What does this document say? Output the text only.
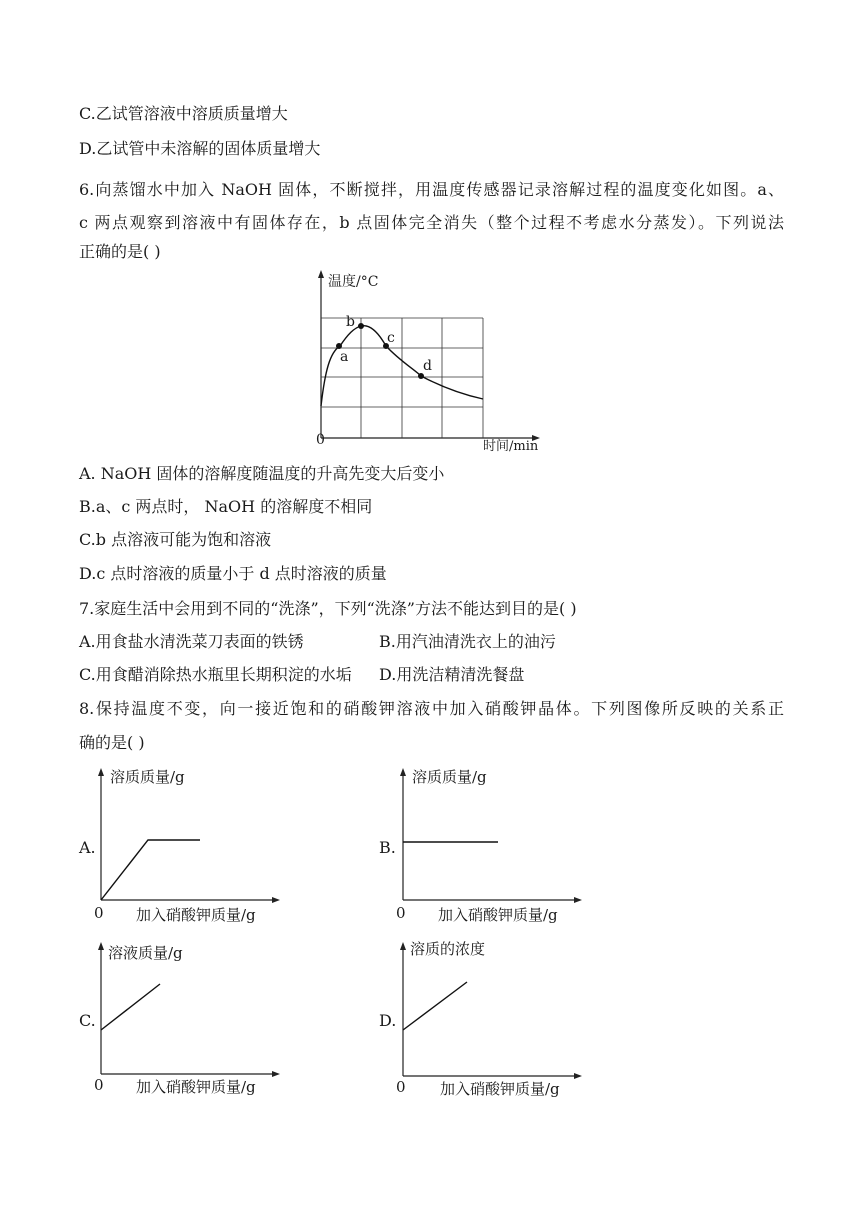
C.乙试管溶液中溶质质量增大
D.乙试管中未溶解的固体质量增大
6.向蒸馏水中加入 NaOH 固体，不断搅拌，用温度传感器记录溶解过程的温度变化如图。a、
c 两点观察到溶液中有固体存在，b 点固体完全消失（整个过程不考虑水分蒸发）。下列说法
正确的是( )
a
b
c
d
温度/°C
时间/min
0
A. NaOH 固体的溶解度随温度的升高先变大后变小
B.a、c 两点时， NaOH 的溶解度不相同
C.b 点溶液可能为饱和溶液
D.c 点时溶液的质量小于 d 点时溶液的质量
7.家庭生活中会用到不同的“洗涤”，下列“洗涤”方法不能达到目的是( )
A.用食盐水清洗菜刀表面的铁锈	B.用汽油清洗衣上的油污
C.用食醋消除热水瓶里长期积淀的水垢 D.用洗洁精清洗餐盘
8.保持温度不变，向一接近饱和的硝酸钾溶液中加入硝酸钾晶体。下列图像所反映的关系正
确的是( )
A.
溶质质量/g
加入硝酸钾质量/g
0
B.
溶质质量/g
加入硝酸钾质量/g
0
C.
溶液质量/g
加入硝酸钾质量/g
0
D.
溶质的浓度
加入硝酸钾质量/g
0
